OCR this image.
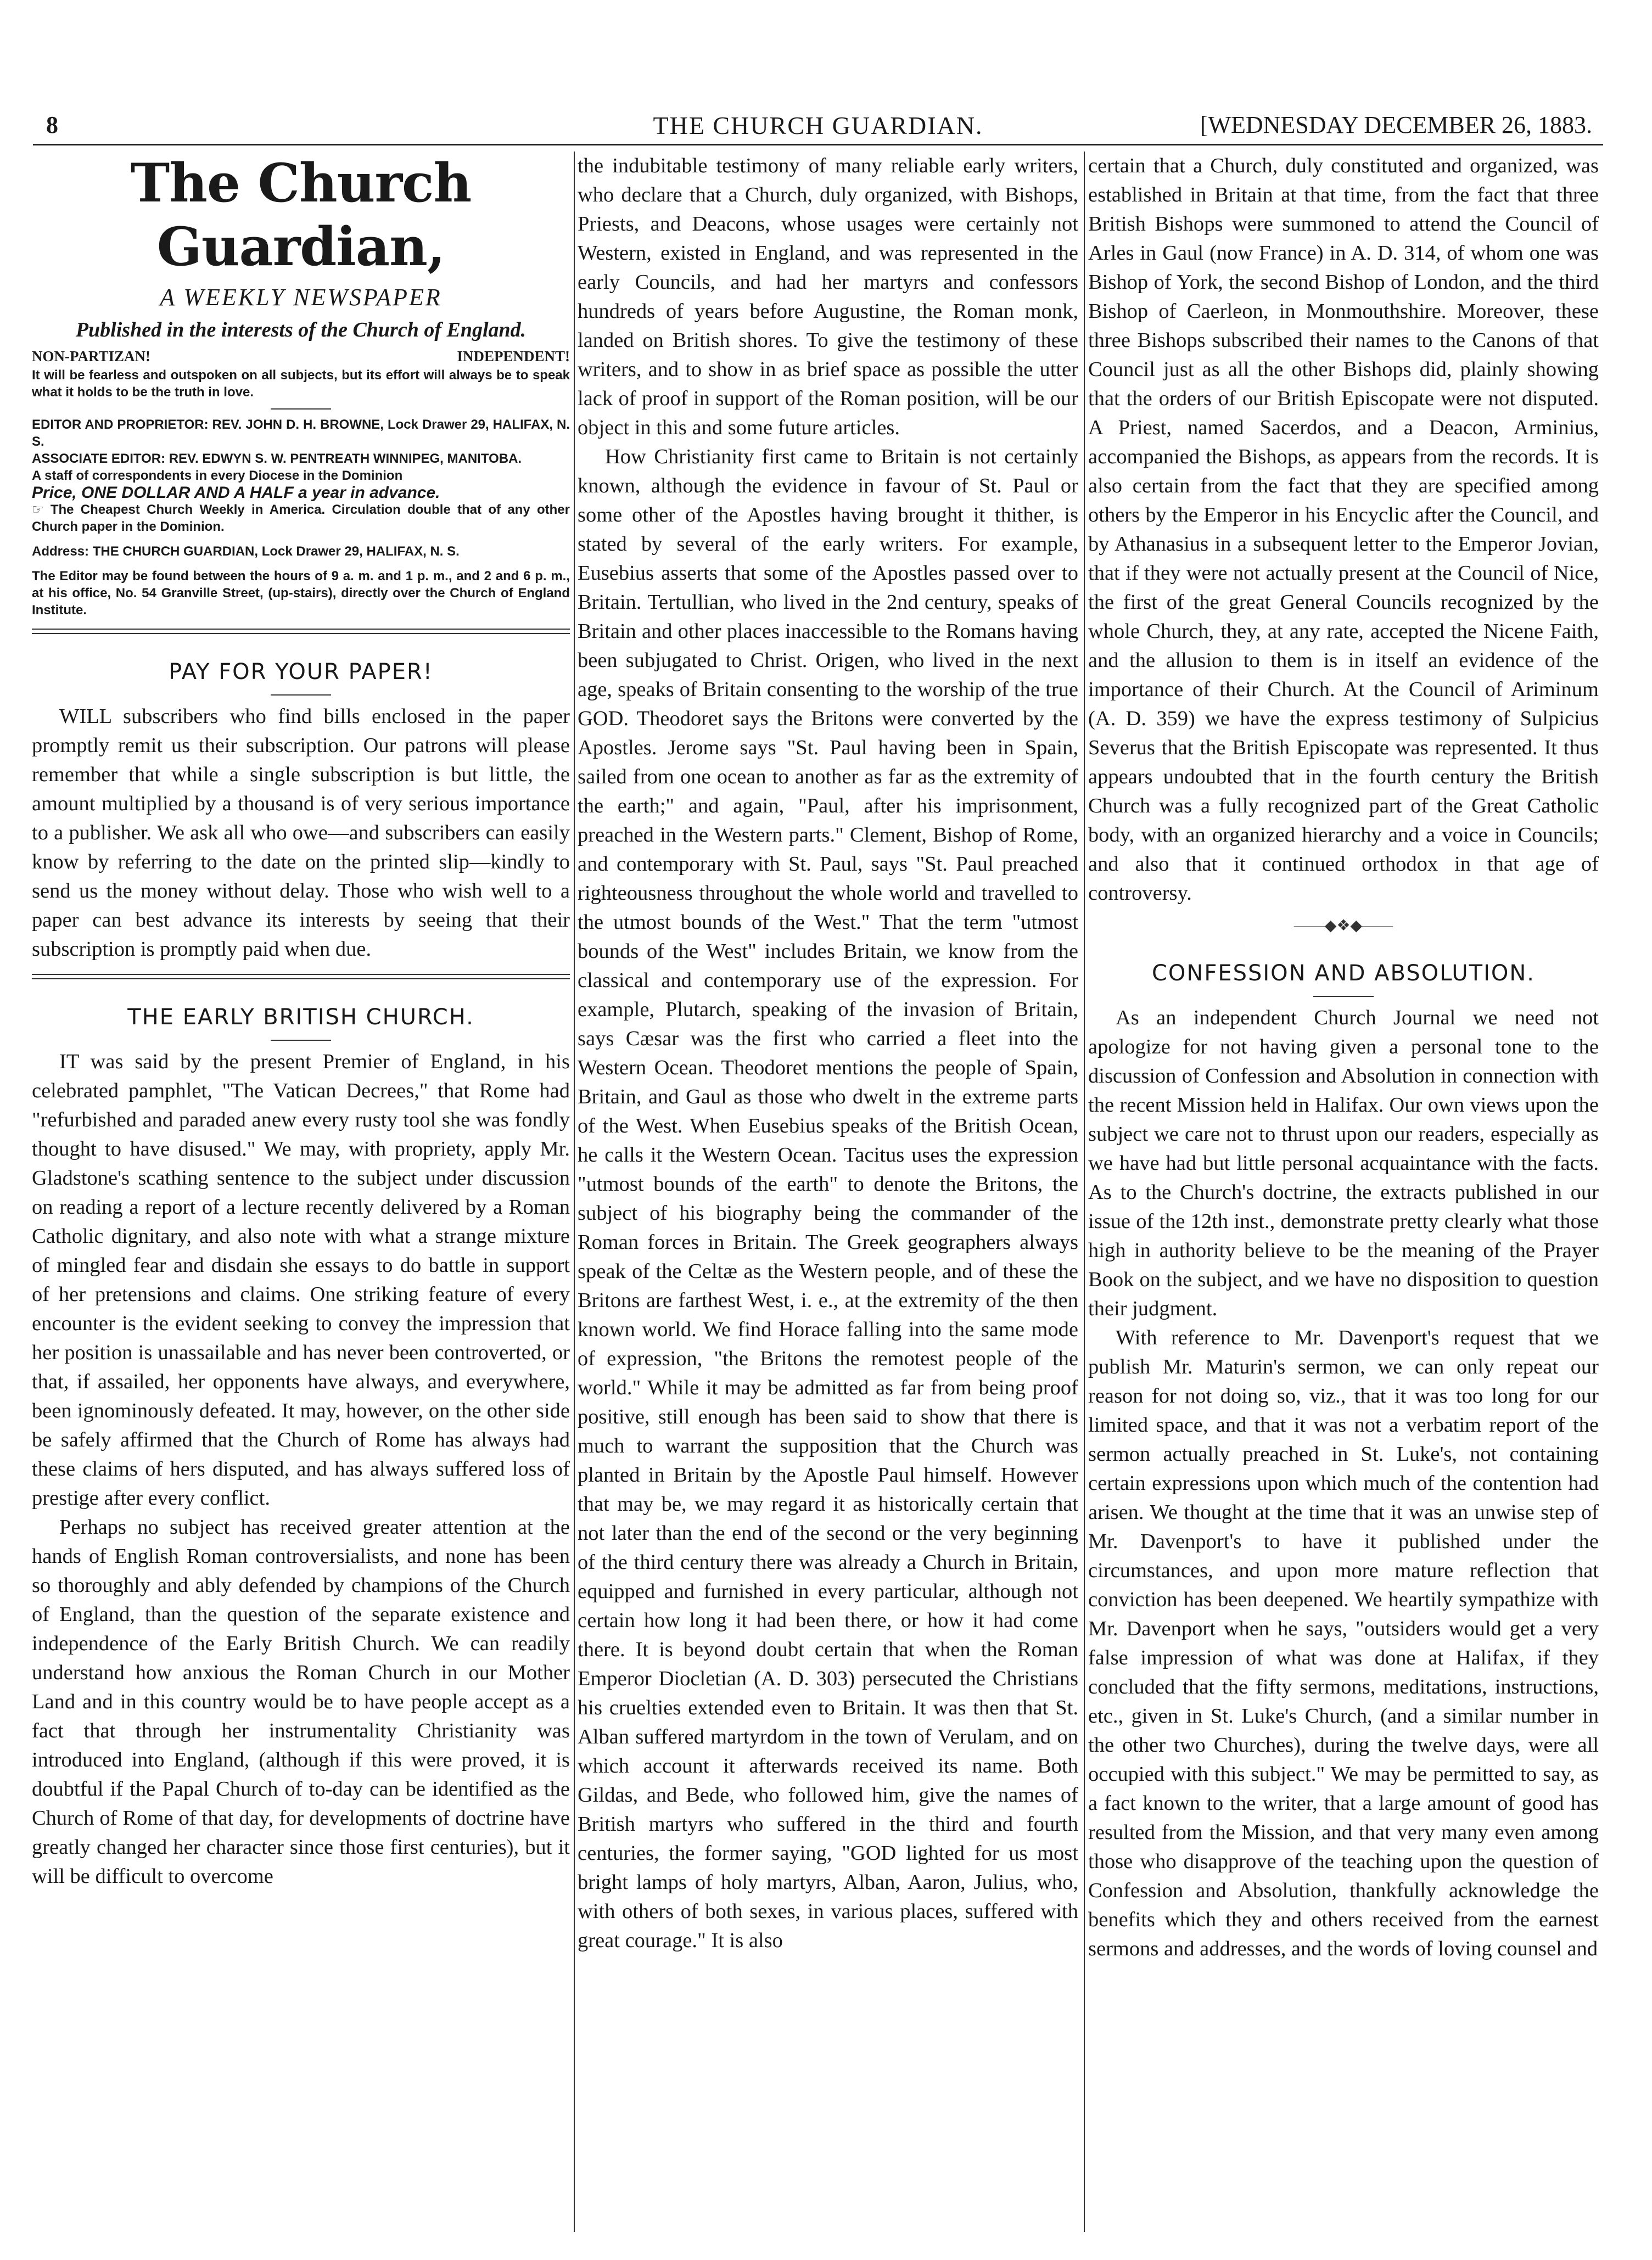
8	THE CHURCH GUARDIAN.	[WEDNESDAY DECEMBER 26, 1883.
The Church Guardian,
A WEEKLY NEWSPAPER
Published in the interests of the Church of England.
NON-PARTIZAN!	INDEPENDENT!

It will be fearless and outspoken on all subjects, but its effort will always be to speak what it holds to be the truth in love.

EDITOR AND PROPRIETOR: REV. JOHN D. H. BROWNE, Lock Drawer 29, HALIFAX, N. S.

ASSOCIATE EDITOR: REV. EDWYN S. W. PENTREATH WINNIPEG, MANITOBA.

A staff of correspondents in every Diocese in the Dominion

Price, ONE DOLLAR AND A HALF a year in advance.

☞ The Cheapest Church Weekly in America. Circulation double that of any other Church paper in the Dominion.

Address: THE CHURCH GUARDIAN, Lock Drawer 29, HALIFAX, N. S.

The Editor may be found between the hours of 9 a. m. and 1 p. m., and 2 and 6 p. m., at his office, No. 54 Granville Street, (up-stairs), directly over the Church of England Institute.

PAY FOR YOUR PAPER!

WILL subscribers who find bills enclosed in the paper promptly remit us their subscription. Our patrons will please remember that while a single subscription is but little, the amount multiplied by a thousand is of very serious importance to a publisher. We ask all who owe—and subscribers can easily know by referring to the date on the printed slip—kindly to send us the money without delay. Those who wish well to a paper can best advance its interests by seeing that their subscription is promptly paid when due.

THE EARLY BRITISH CHURCH.

IT was said by the present Premier of England, in his celebrated pamphlet, "The Vatican Decrees," that Rome had "refurbished and paraded anew every rusty tool she was fondly thought to have disused." We may, with propriety, apply Mr. Gladstone's scathing sentence to the subject under discussion on reading a report of a lecture recently delivered by a Roman Catholic dignitary, and also note with what a strange mixture of mingled fear and disdain she essays to do battle in support of her pretensions and claims. One striking feature of every encounter is the evident seeking to convey the impression that her position is unassailable and has never been controverted, or that, if assailed, her opponents have always, and everywhere, been ignominously defeated. It may, however, on the other side be safely affirmed that the Church of Rome has always had these claims of hers disputed, and has always suffered loss of prestige after every conflict.

Perhaps no subject has received greater attention at the hands of English Roman controversialists, and none has been so thoroughly and ably defended by champions of the Church of England, than the question of the separate existence and independence of the Early British Church. We can readily understand how anxious the Roman Church in our Mother Land and in this country would be to have people accept as a fact that through her instrumentality Christianity was introduced into England, (although if this were proved, it is doubtful if the Papal Church of to-day can be identified as the Church of Rome of that day, for developments of doctrine have greatly changed her character since those first centuries), but it will be difficult to overcome

the indubitable testimony of many reliable early writers, who declare that a Church, duly organized, with Bishops, Priests, and Deacons, whose usages were certainly not Western, existed in England, and was represented in the early Councils, and had her martyrs and confessors hundreds of years before Augustine, the Roman monk, landed on British shores. To give the testimony of these writers, and to show in as brief space as possible the utter lack of proof in support of the Roman position, will be our object in this and some future articles.

How Christianity first came to Britain is not certainly known, although the evidence in favour of St. Paul or some other of the Apostles having brought it thither, is stated by several of the early writers. For example, Eusebius asserts that some of the Apostles passed over to Britain. Tertullian, who lived in the 2nd century, speaks of Britain and other places inaccessible to the Romans having been subjugated to Christ. Origen, who lived in the next age, speaks of Britain consenting to the worship of the true GOD. Theodoret says the Britons were converted by the Apostles. Jerome says "St. Paul having been in Spain, sailed from one ocean to another as far as the extremity of the earth;" and again, "Paul, after his imprisonment, preached in the Western parts." Clement, Bishop of Rome, and contemporary with St. Paul, says "St. Paul preached righteousness throughout the whole world and travelled to the utmost bounds of the West." That the term "utmost bounds of the West" includes Britain, we know from the classical and contemporary use of the expression. For example, Plutarch, speaking of the invasion of Britain, says Cæsar was the first who carried a fleet into the Western Ocean. Theodoret mentions the people of Spain, Britain, and Gaul as those who dwelt in the extreme parts of the West. When Eusebius speaks of the British Ocean, he calls it the Western Ocean. Tacitus uses the expression "utmost bounds of the earth" to denote the Britons, the subject of his biography being the commander of the Roman forces in Britain. The Greek geographers always speak of the Celtæ as the Western people, and of these the Britons are farthest West, i. e., at the extremity of the then known world. We find Horace falling into the same mode of expression, "the Britons the remotest people of the world." While it may be admitted as far from being proof positive, still enough has been said to show that there is much to warrant the supposition that the Church was planted in Britain by the Apostle Paul himself. However that may be, we may regard it as historically certain that not later than the end of the second or the very beginning of the third century there was already a Church in Britain, equipped and furnished in every particular, although not certain how long it had been there, or how it had come there. It is beyond doubt certain that when the Roman Emperor Diocletian (A. D. 303) persecuted the Christians his cruelties extended even to Britain. It was then that St. Alban suffered martyrdom in the town of Verulam, and on which account it afterwards received its name. Both Gildas, and Bede, who followed him, give the names of British martyrs who suffered in the third and fourth centuries, the former saying, "GOD lighted for us most bright lamps of holy martyrs, Alban, Aaron, Julius, who, with others of both sexes, in various places, suffered with great courage." It is also

certain that a Church, duly constituted and organized, was established in Britain at that time, from the fact that three British Bishops were summoned to attend the Council of Arles in Gaul (now France) in A. D. 314, of whom one was Bishop of York, the second Bishop of London, and the third Bishop of Caerleon, in Monmouthshire. Moreover, these three Bishops subscribed their names to the Canons of that Council just as all the other Bishops did, plainly showing that the orders of our British Episcopate were not disputed. A Priest, named Sacerdos, and a Deacon, Arminius, accompanied the Bishops, as appears from the records. It is also certain from the fact that they are specified among others by the Emperor in his Encyclic after the Council, and by Athanasius in a subsequent letter to the Emperor Jovian, that if they were not actually present at the Council of Nice, the first of the great General Councils recognized by the whole Church, they, at any rate, accepted the Nicene Faith, and the allusion to them is in itself an evidence of the importance of their Church. At the Council of Ariminum (A. D. 359) we have the express testimony of Sulpicius Severus that the British Episcopate was represented. It thus appears undoubted that in the fourth century the British Church was a fully recognized part of the Great Catholic body, with an organized hierarchy and a voice in Councils; and also that it continued orthodox in that age of controversy.

——◆❖◆——
CONFESSION AND ABSOLUTION.

As an independent Church Journal we need not apologize for not having given a personal tone to the discussion of Confession and Absolution in connection with the recent Mission held in Halifax. Our own views upon the subject we care not to thrust upon our readers, especially as we have had but little personal acquaintance with the facts. As to the Church's doctrine, the extracts published in our issue of the 12th inst., demonstrate pretty clearly what those high in authority believe to be the meaning of the Prayer Book on the subject, and we have no disposition to question their judgment.

With reference to Mr. Davenport's request that we publish Mr. Maturin's sermon, we can only repeat our reason for not doing so, viz., that it was too long for our limited space, and that it was not a verbatim report of the sermon actually preached in St. Luke's, not containing certain expressions upon which much of the contention had arisen. We thought at the time that it was an unwise step of Mr. Davenport's to have it published under the circumstances, and upon more mature reflection that conviction has been deepened. We heartily sympathize with Mr. Davenport when he says, "outsiders would get a very false impression of what was done at Halifax, if they concluded that the fifty sermons, meditations, instructions, etc., given in St. Luke's Church, (and a similar number in the other two Churches), during the twelve days, were all occupied with this subject." We may be permitted to say, as a fact known to the writer, that a large amount of good has resulted from the Mission, and that very many even among those who disapprove of the teaching upon the question of Confession and Absolution, thankfully acknowledge the benefits which they and others received from the earnest sermons and addresses, and the words of loving counsel and
